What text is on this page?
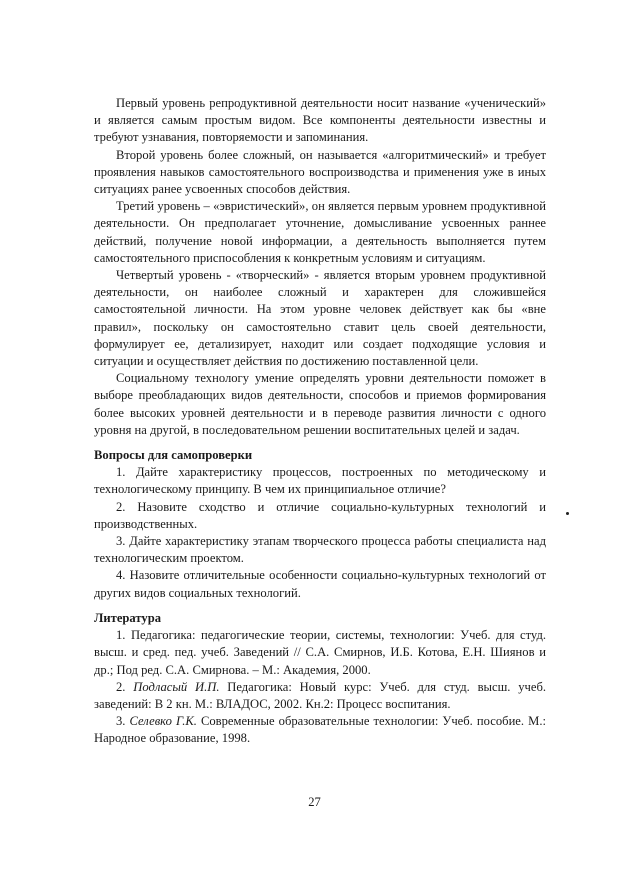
Первый уровень репродуктивной деятельности носит название «ученический» и является самым простым видом. Все компоненты деятельности известны и требуют узнавания, повторяемости и запоминания.

Второй уровень более сложный, он называется «алгоритмический» и требует проявления навыков самостоятельного воспроизводства и применения уже в иных ситуациях ранее усвоенных способов действия.

Третий уровень – «эвристический», он является первым уровнем продуктивной деятельности. Он предполагает уточнение, домысливание усвоенных раннее действий, получение новой информации, а деятельность выполняется путем самостоятельного приспособления к конкретным условиям и ситуациям.

Четвертый уровень - «творческий» - является вторым уровнем продуктивной деятельности, он наиболее сложный и характерен для сложившейся самостоятельной личности. На этом уровне человек действует как бы «вне правил», поскольку он самостоятельно ставит цель своей деятельности, формулирует ее, детализирует, находит или создает подходящие условия и ситуации и осуществляет действия по достижению поставленной цели.

Социальному технологу умение определять уровни деятельности поможет в выборе преобладающих видов деятельности, способов и приемов формирования более высоких уровней деятельности и в переводе развития личности с одного уровня на другой, в последовательном решении воспитательных целей и задач.

Вопросы для самопроверки

1. Дайте характеристику процессов, построенных по методическому и технологическому принципу. В чем их принципиальное отличие?

2. Назовите сходство и отличие социально-культурных технологий и производственных.

3. Дайте характеристику этапам творческого процесса работы специалиста над технологическим проектом.

4. Назовите отличительные особенности социально-культурных технологий от других видов социальных технологий.

Литература

1. Педагогика: педагогические теории, системы, технологии: Учеб. для студ. высш. и сред. пед. учеб. Заведений // С.А. Смирнов, И.Б. Котова, Е.Н. Шиянов и др.; Под ред. С.А. Смирнова. – М.: Академия, 2000.

2. Подласый И.П. Педагогика: Новый курс: Учеб. для студ. высш. учеб. заведений: В 2 кн. М.: ВЛАДОС, 2002. Кн.2: Процесс воспитания.

3. Селевко Г.К. Современные образовательные технологии: Учеб. пособие. М.: Народное образование, 1998.

27
